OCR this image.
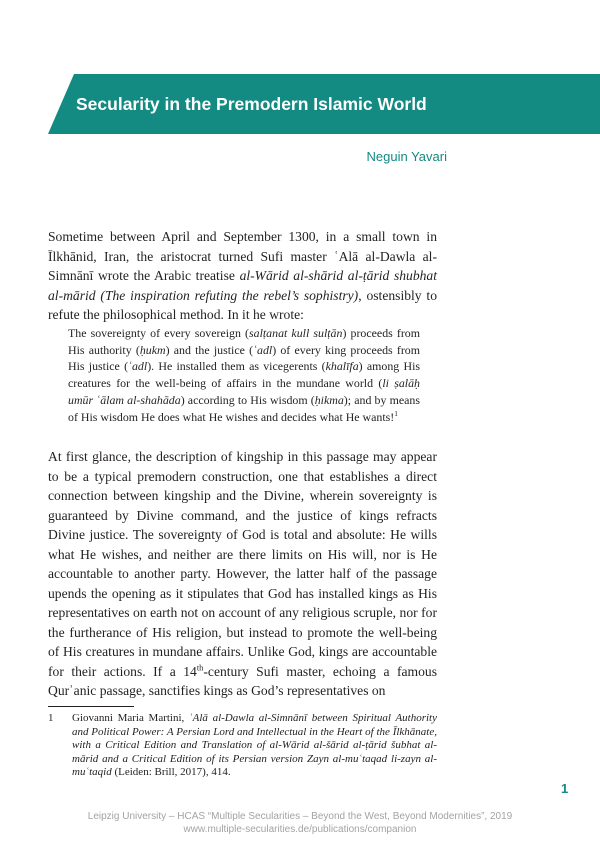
Secularity in the Premodern Islamic World
Neguin Yavari

Sometime between April and September 1300, in a small town in Īlkhānid, Iran, the aristocrat turned Sufi master ʿAlā al-Dawla al-Simnānī wrote the Arabic treatise al-Wārid al-shārid al-ṭārid shubhat al-mārid (The inspiration refuting the rebel’s sophistry), ostensibly to refute the philosophical method. In it he wrote:

The sovereignty of every sovereign (salṭanat kull sulṭān) proceeds from His authority (ḥukm) and the justice (ʿadl) of every king proceeds from His justice (ʿadl). He installed them as vicegerents (khalīfa) among His creatures for the well-being of affairs in the mundane world (li ṣalāḥ umūr ʿālam al-shahāda) according to His wisdom (ḥikma); and by means of His wisdom He does what He wishes and decides what He wants!$^1$

At first glance, the description of kingship in this passage may appear to be a typical premodern construction, one that establishes a direct connection between kingship and the Divine, wherein sovereignty is guaranteed by Divine command, and the justice of kings refracts Divine justice. The sovereignty of God is total and absolute: He wills what He wishes, and neither are there limits on His will, nor is He accountable to another party. However, the latter half of the passage upends the opening as it stipulates that God has installed kings as His representatives on earth not on account of any religious scruple, nor for the furtherance of His religion, but instead to promote the well-being of His creatures in mundane affairs. Unlike God, kings are accountable for their actions. If a 14th-century Sufi master, echoing a famous Qurʾanic passage, sanctifies kings as God’s representatives on

1 Giovanni Maria Martini, ʿAlā al-Dawla al-Simnānī between Spiritual Authority and Political Power: A Persian Lord and Intellectual in the Heart of the Īlkhānate, with a Critical Edition and Translation of al-Wārid al-šārid al-ṭārid šubhat al-mārid and a Critical Edition of its Persian version Zayn al-muʿtaqad li-zayn al-muʿtaqid (Leiden: Brill, 2017), 414.

1
Leipzig University – HCAS “Multiple Secularities – Beyond the West, Beyond Modernities”, 2019
www.multiple-secularities.de/publications/companion
